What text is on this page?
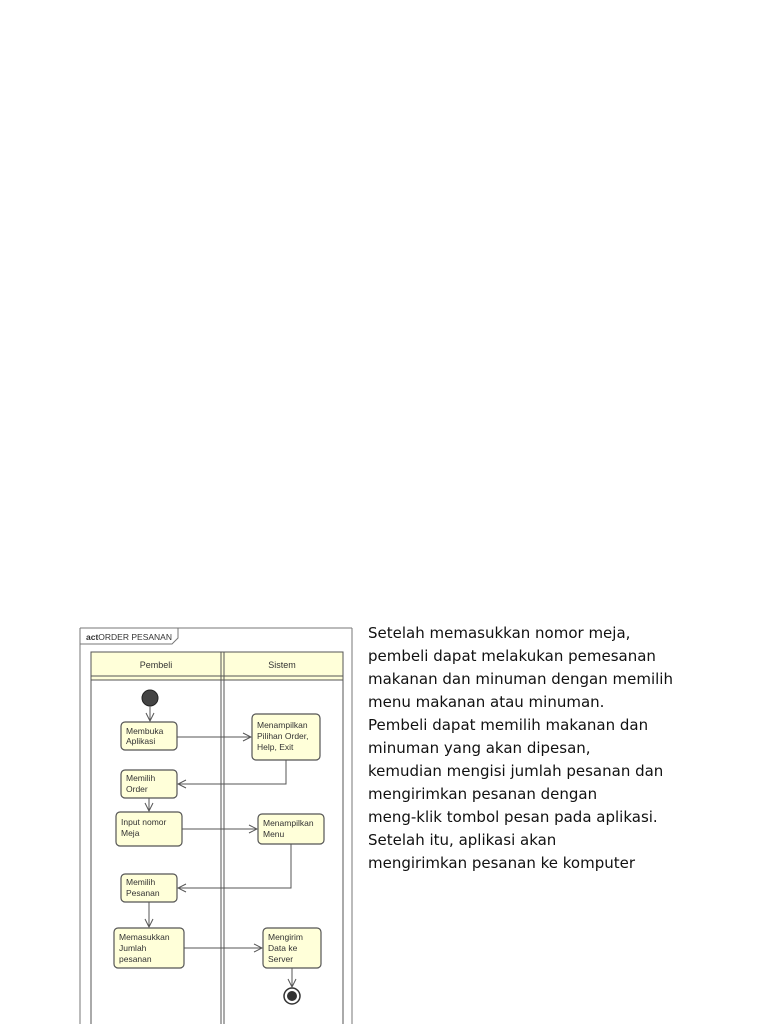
actORDER PESANAN
Pembeli	Sistem
Membuka Aplikasi
Menampilkan Pilihan Order, Help, Exit
Memilih Order
Input nomor Meja
Menampilkan Menu
Memilih Pesanan
Memasukkan Jumlah pesanan
Mengirim Data ke Server
Setelah memasukkan nomor meja,
pembeli dapat melakukan pemesanan
makanan dan minuman dengan memilih
menu makanan atau minuman.
Pembeli dapat memilih makanan dan
minuman yang akan dipesan,
kemudian mengisi jumlah pesanan dan
mengirimkan pesanan dengan
meng-klik tombol pesan pada aplikasi.
Setelah itu, aplikasi akan
mengirimkan pesanan ke komputer
